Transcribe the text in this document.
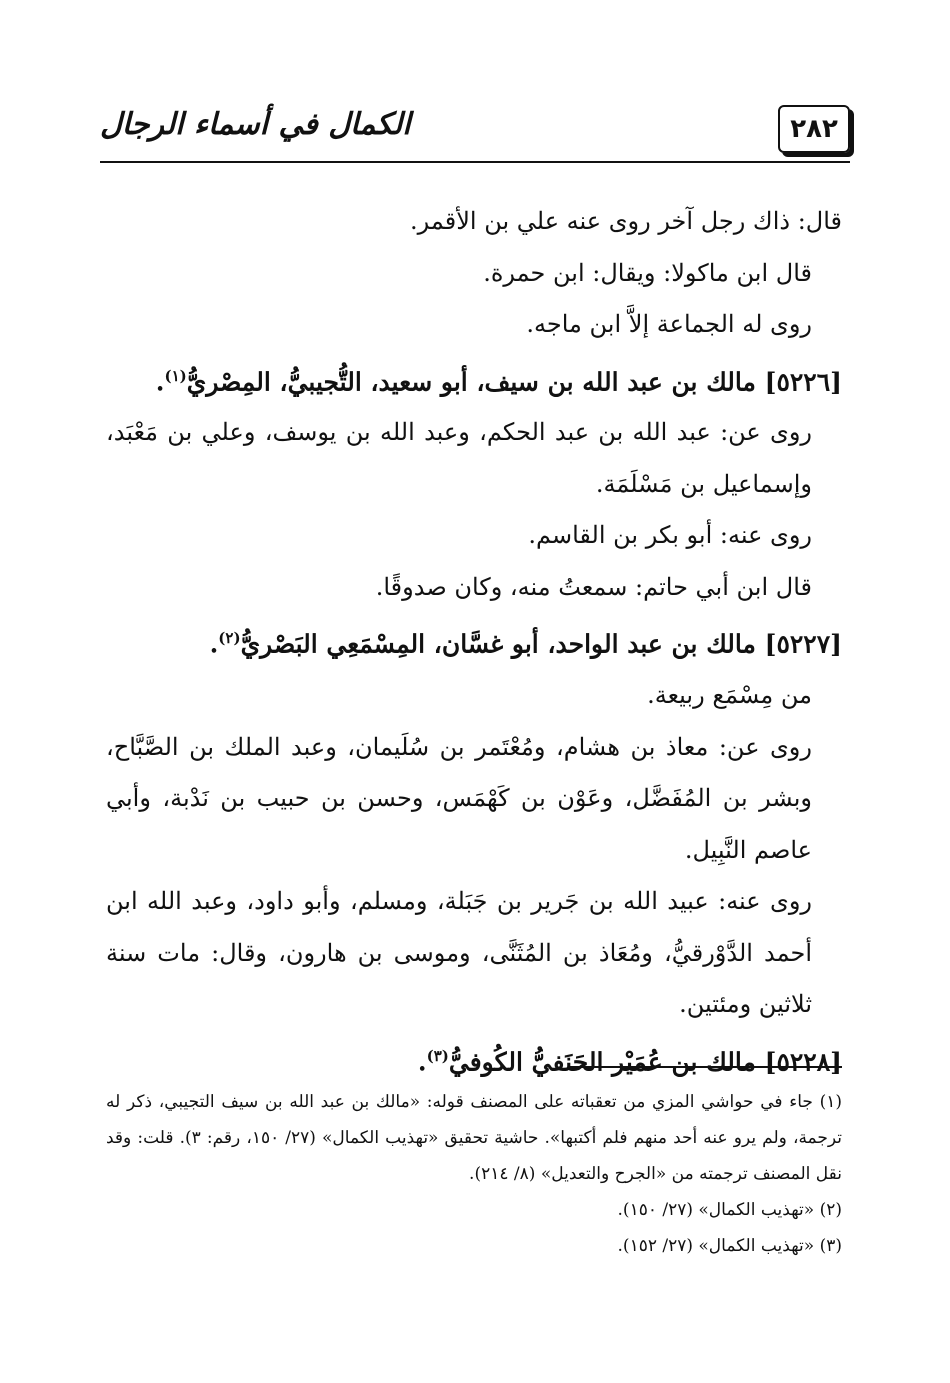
٢٨٢
الكمال في أسماء الرجال

قال: ذاك رجل آخر روى عنه علي بن الأقمر.

قال ابن ماكولا: ويقال: ابن حمرة.

روى له الجماعة إلاَّ ابن ماجه.

[٥٢٢٦] مالك بن عبد الله بن سيف، أبو سعيد، التُّجيبيُّ، المِصْريُّ$^{(١)}$.

روى عن: عبد الله بن عبد الحكم، وعبد الله بن يوسف، وعلي بن مَعْبَد، وإسماعيل بن مَسْلَمَة.

روى عنه: أبو بكر بن القاسم.

قال ابن أبي حاتم: سمعتُ منه، وكان صدوقًا.

[٥٢٢٧] مالك بن عبد الواحد، أبو غسَّان، المِسْمَعِي البَصْريُّ$^{(٢)}$.

من مِسْمَع ربيعة.

روى عن: معاذ بن هشام، ومُعْتَمر بن سُلَيمان، وعبد الملك بن الصَّبَّاح، وبشر بن المُفَضَّل، وعَوْن بن كَهْمَس، وحسن بن حبيب بن نَدْبة، وأبي عاصم النَّبِيل.

روى عنه: عبيد الله بن جَرير بن جَبَلة، ومسلم، وأبو داود، وعبد الله ابن أحمد الدَّوْرقيُّ، ومُعَاذ بن المُثَنَّى، وموسى بن هارون، وقال: مات سنة ثلاثين ومئتين.

[٥٢٢٨] مالك بن عُمَيْر الحَنَفيُّ الكُوفيُّ$^{(٣)}$.

(١) جاء في حواشي المزي من تعقباته على المصنف قوله: «مالك بن عبد الله بن سيف التجيبي، ذكر له ترجمة، ولم يرو عنه أحد منهم فلم أكتبها». حاشية تحقيق «تهذيب الكمال» (٢٧/ ١٥٠، رقم: ٣). قلت: وقد نقل المصنف ترجمته من «الجرح والتعديل» (٨/ ٢١٤).

(٢) «تهذيب الكمال» (٢٧/ ١٥٠).

(٣) «تهذيب الكمال» (٢٧/ ١٥٢).
